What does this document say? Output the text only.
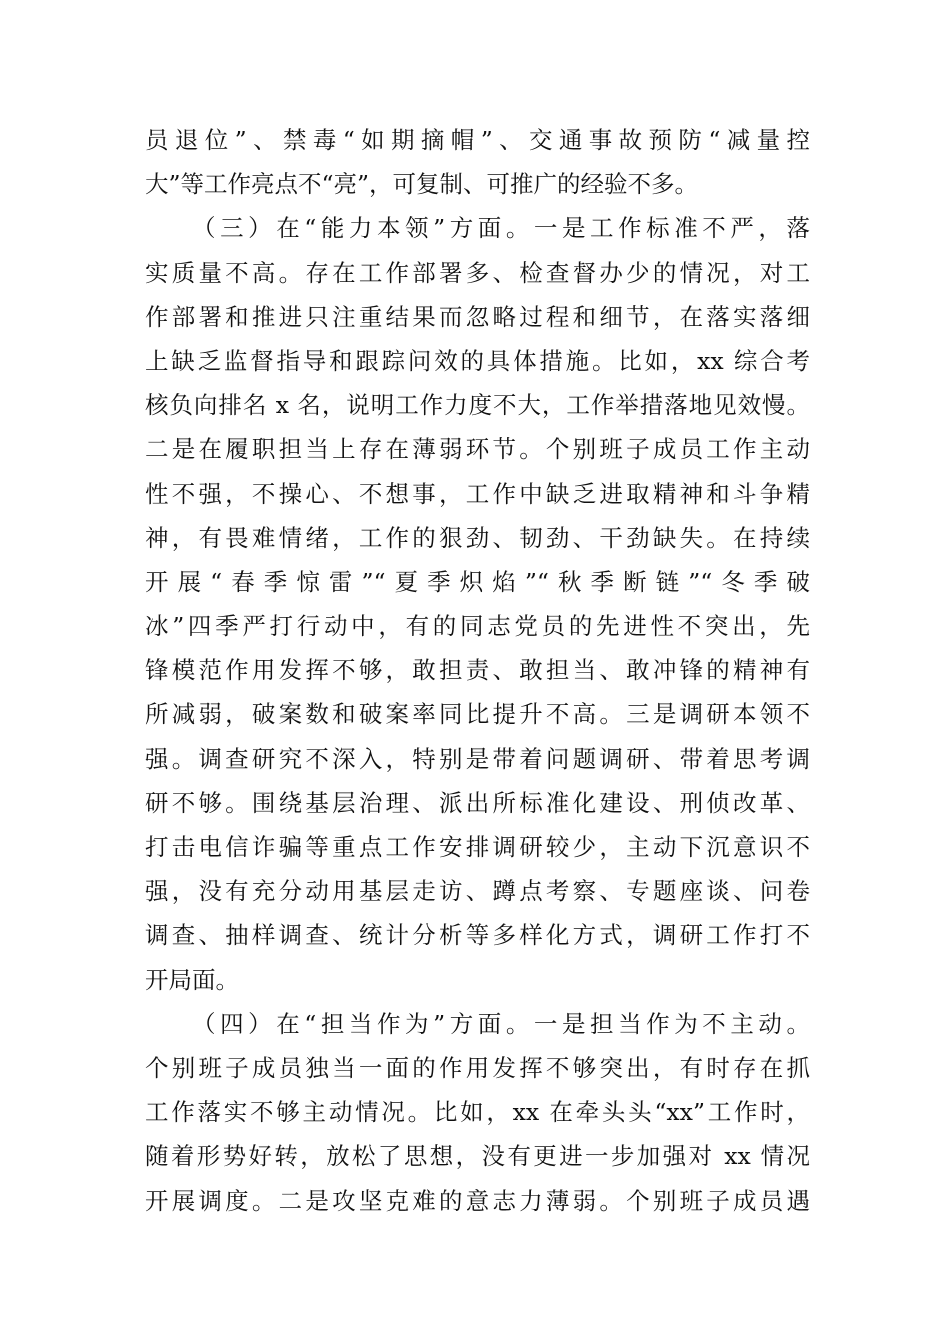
员退位”、禁毒“如期摘帽”、交通事故预防“减量控
大”等工作亮点不“亮”，可复制、可推广的经验不多。
（三）在“能力本领”方面。一是工作标准不严，落
实质量不高。存在工作部署多、检查督办少的情况，对工
作部署和推进只注重结果而忽略过程和细节，在落实落细
上缺乏监督指导和跟踪问效的具体措施。比如，xx 综合考
核负向排名 x 名，说明工作力度不大，工作举措落地见效慢。
二是在履职担当上存在薄弱环节。个别班子成员工作主动
性不强，不操心、不想事，工作中缺乏进取精神和斗争精
神，有畏难情绪，工作的狠劲、韧劲、干劲缺失。在持续
开展“春季惊雷”“夏季炽焰”“秋季断链”“冬季破
冰”四季严打行动中，有的同志党员的先进性不突出，先
锋模范作用发挥不够，敢担责、敢担当、敢冲锋的精神有
所减弱，破案数和破案率同比提升不高。三是调研本领不
强。调查研究不深入，特别是带着问题调研、带着思考调
研不够。围绕基层治理、派出所标准化建设、刑侦改革、
打击电信诈骗等重点工作安排调研较少，主动下沉意识不
强，没有充分动用基层走访、蹲点考察、专题座谈、问卷
调查、抽样调查、统计分析等多样化方式，调研工作打不
开局面。
（四）在“担当作为”方面。一是担当作为不主动。
个别班子成员独当一面的作用发挥不够突出，有时存在抓
工作落实不够主动情况。比如，xx 在牵头头“xx”工作时，
随着形势好转，放松了思想，没有更进一步加强对 xx 情况
开展调度。二是攻坚克难的意志力薄弱。个别班子成员遇
